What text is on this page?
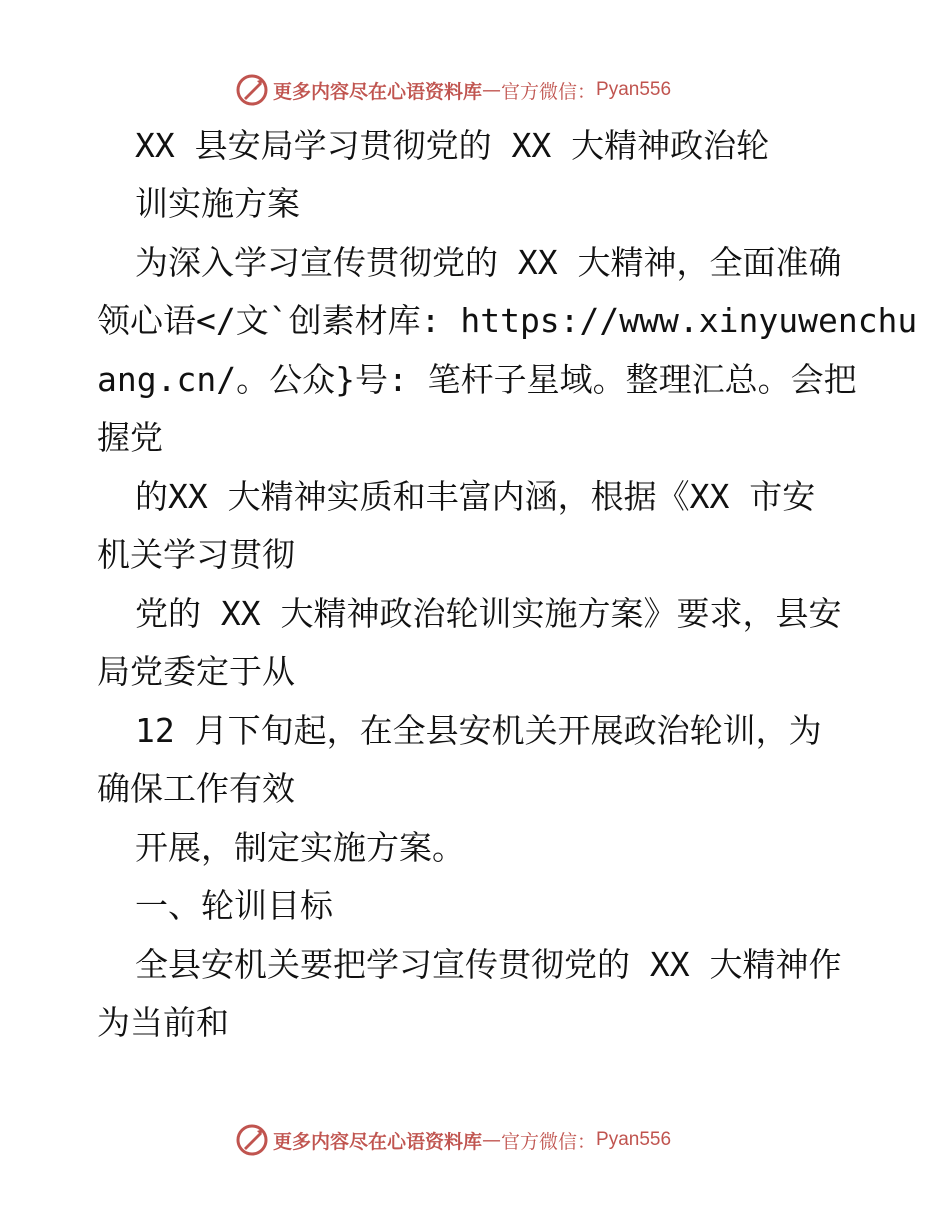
更多内容尽在心语资料库 — 官方微信： Pyan556
XX 县安局学习贯彻党的 XX 大精神政治轮
训实施方案
为深入学习宣传贯彻党的 XX 大精神，全面准确
领心语</文`创素材库: https://www.xinyuwenchu
ang.cn/。公众}号: 笔杆子星域。整理汇总。会把
握党
的XX 大精神实质和丰富内涵，根据《XX 市安
机关学习贯彻
党的 XX 大精神政治轮训实施方案》要求，县安
局党委定于从
12 月下旬起，在全县安机关开展政治轮训，为
确保工作有效
开展，制定实施方案。
一、轮训目标
全县安机关要把学习宣传贯彻党的 XX 大精神作
为当前和
更多内容尽在心语资料库 — 官方微信： Pyan556
